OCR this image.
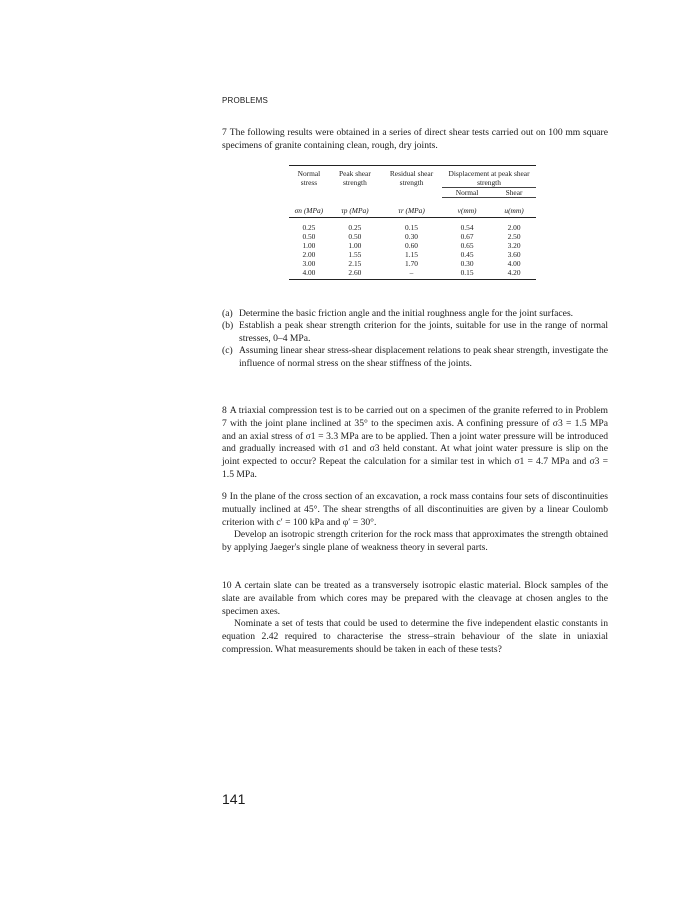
PROBLEMS

7 The following results were obtained in a series of direct shear tests carried out on 100 mm square specimens of granite containing clean, rough, dry joints.

Normal stress	Peak shear strength	Residual shear strength	Displacement at peak shear strength	
			Normal	Shear

σn (MPa)	τp (MPa)	τr (MPa)	v(mm)	u(mm)

0.25	0.25	0.15	0.54	2.00
0.50	0.50	0.30	0.67	2.50
1.00	1.00	0.60	0.65	3.20
2.00	1.55	1.15	0.45	3.60
3.00	2.15	1.70	0.30	4.00
4.00	2.60	–	0.15	4.20
(a) Determine the basic friction angle and the initial roughness angle for the joint surfaces.
(b) Establish a peak shear strength criterion for the joints, suitable for use in the range of normal stresses, 0–4 MPa.
(c) Assuming linear shear stress-shear displacement relations to peak shear strength, investigate the influence of normal stress on the shear stiffness of the joints.

8 A triaxial compression test is to be carried out on a specimen of the granite referred to in Problem 7 with the joint plane inclined at 35° to the specimen axis. A confining pressure of σ3 = 1.5 MPa and an axial stress of σ1 = 3.3 MPa are to be applied. Then a joint water pressure will be introduced and gradually increased with σ1 and σ3 held constant. At what joint water pressure is slip on the joint expected to occur? Repeat the calculation for a similar test in which σ1 = 4.7 MPa and σ3 = 1.5 MPa.

9 In the plane of the cross section of an excavation, a rock mass contains four sets of discontinuities mutually inclined at 45°. The shear strengths of all discontinuities are given by a linear Coulomb criterion with c′ = 100 kPa and φ′ = 30°.

Develop an isotropic strength criterion for the rock mass that approximates the strength obtained by applying Jaeger's single plane of weakness theory in several parts.

10 A certain slate can be treated as a transversely isotropic elastic material. Block samples of the slate are available from which cores may be prepared with the cleavage at chosen angles to the specimen axes.

Nominate a set of tests that could be used to determine the five independent elastic constants in equation 2.42 required to characterise the stress–strain behaviour of the slate in uniaxial compression. What measurements should be taken in each of these tests?

141
